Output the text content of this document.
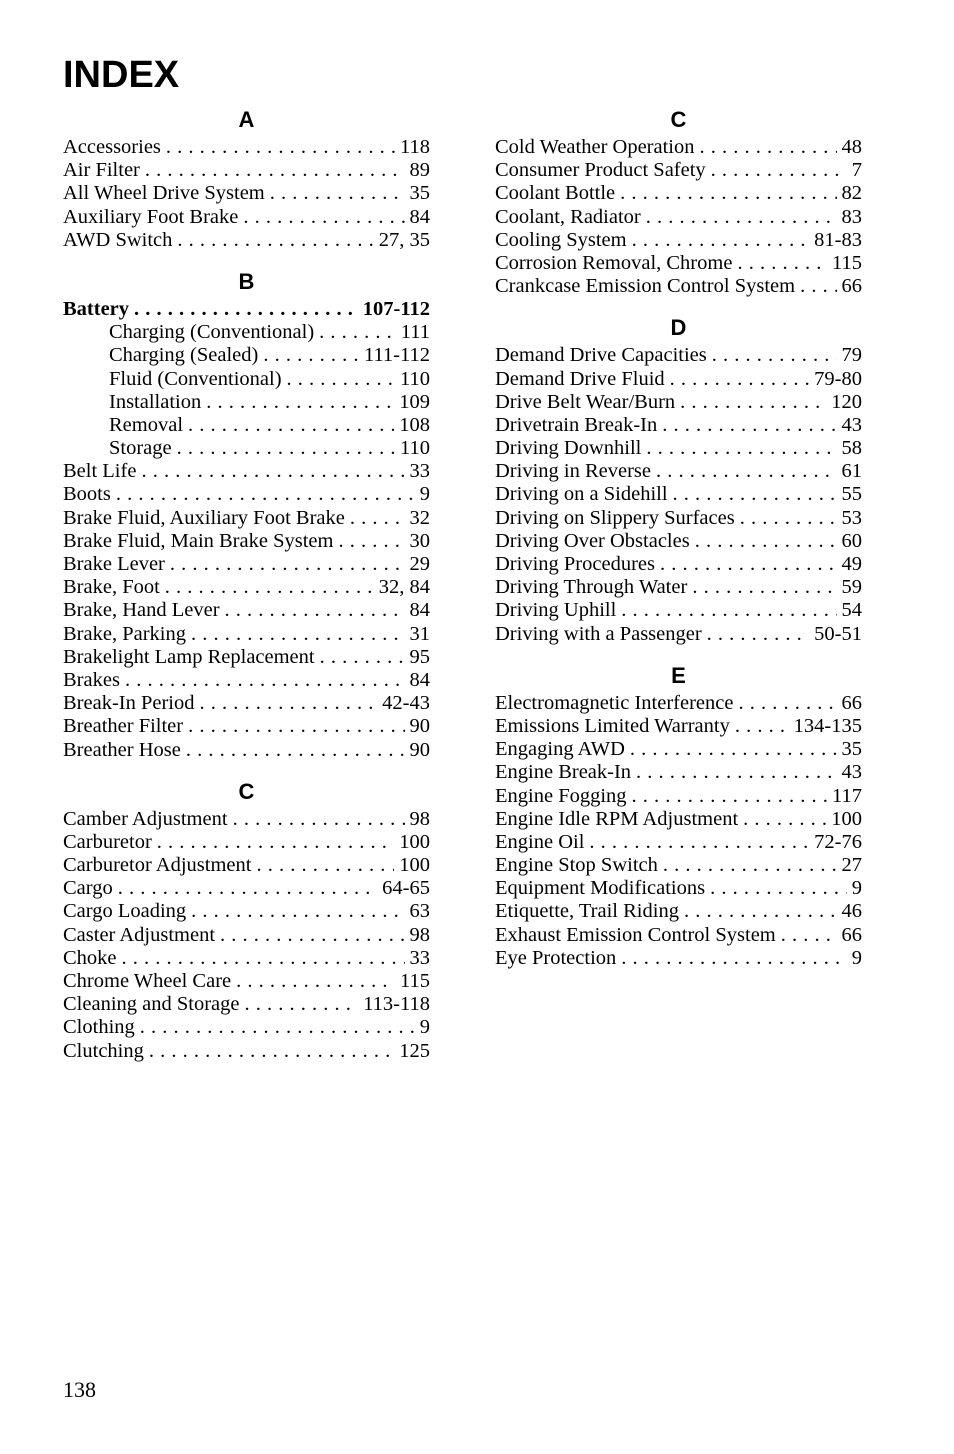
INDEX
A
Accessories . . .	118
Air Filter . . .	89
All Wheel Drive System . . .	35
Auxiliary Foot Brake . . .	84
AWD Switch . . .	27, 35
B
Battery . . .	107-112
Charging (Conventional) . . .	111
Charging (Sealed) . . .	111-112
Fluid (Conventional) . . .	110
Installation . . .	109
Removal . . .	108
Storage . . .	110
Belt Life . . .	33
Boots . . .	9
Brake Fluid, Auxiliary Foot Brake . . .	32
Brake Fluid, Main Brake System . . .	30
Brake Lever . . .	29
Brake, Foot . . .	32, 84
Brake, Hand Lever . . .	84
Brake, Parking . . .	31
Brakelight Lamp Replacement . . .	95
Brakes . . .	84
Break-In Period . . .	42-43
Breather Filter . . .	90
Breather Hose . . .	90
C
Camber Adjustment . . .	98
Carburetor . . .	100
Carburetor Adjustment . . .	100
Cargo . . .	64-65
Cargo Loading . . .	63
Caster Adjustment . . .	98
Choke . . .	33
Chrome Wheel Care . . .	115
Cleaning and Storage . . .	113-118
Clothing . . .	9
Clutching . . .	125
C
Cold Weather Operation . . .	48
Consumer Product Safety . . .	7
Coolant Bottle . . .	82
Coolant, Radiator . . .	83
Cooling System . . .	81-83
Corrosion Removal, Chrome . . .	115
Crankcase Emission Control System . . . 66
D
Demand Drive Capacities . . .	79
Demand Drive Fluid . . .	79-80
Drive Belt Wear/Burn . . .	120
Drivetrain Break-In . . .	43
Driving Downhill . . .	58
Driving in Reverse . . .	61
Driving on a Sidehill . . .	55
Driving on Slippery Surfaces . . .	53
Driving Over Obstacles . . .	60
Driving Procedures . . .	49
Driving Through Water . . .	59
Driving Uphill . . .	54
Driving with a Passenger . . .	50-51
E
Electromagnetic Interference . . .	66
Emissions Limited Warranty . . .	134-135
Engaging AWD . . .	35
Engine Break-In . . .	43
Engine Fogging . . .	117
Engine Idle RPM Adjustment . . .	100
Engine Oil . . .	72-76
Engine Stop Switch . . .	27
Equipment Modifications . . .	9
Etiquette, Trail Riding . . .	46
Exhaust Emission Control System . . .	66
Eye Protection . . .	9
138
